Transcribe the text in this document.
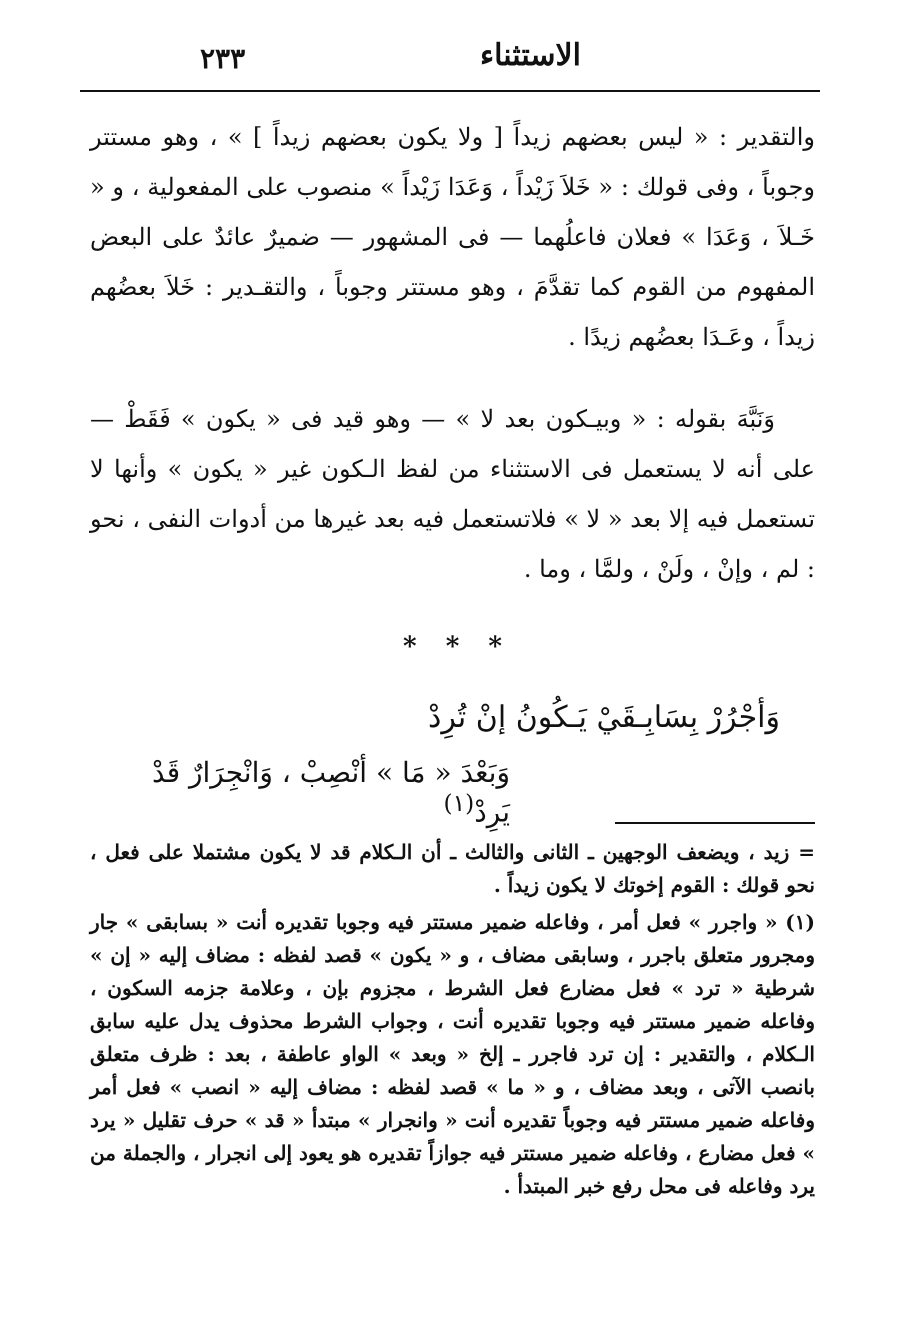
٢٣٣	الاستثناء

والتقدير : « ليس بعضهم زيداً [ ولا يكون بعضهم زيداً ] » ، وهو مستتر وجوباً ، وفى قولك : « خَلاَ زَيْداً ، وَعَدَا زَيْداً » منصوب على المفعولية ، و « خَـلاَ ، وَعَدَا » فعلان فاعلُهما — فى المشهور — ضميرٌ عائدٌ على البعض المفهوم من القوم كما تقدَّمَ ، وهو مستتر وجوباً ، والتقـدير : خَلاَ بعضُهم زيداً ، وعَـدَا بعضُهم زيدًا .

وَنَبَّهَ بقوله : « وبيـكون بعد لا » — وهو قيد فى « يكون » فَقَطْ — على أنه لا يستعمل فى الاستثناء من لفظ الـكون غير « يكون » وأنها لا تستعمل فيه إلا بعد « لا » فلاتستعمل فيه بعد غيرها من أدوات النفى ، نحو : لم ، وإنْ ، ولَنْ ، ولمَّا ، وما .

* * *
وَأجْرُرْ بِسَابِـقَيْ يَـكُونُ إنْ تُرِدْ
وَبَعْدَ « مَا » أنْصِبْ ، وَانْجِرَارٌ قَدْ يَرِدْ$^{(١)}$

= زيد ، ويضعف الوجهين ـ الثانى والثالث ـ أن الـكلام قد لا يكون مشتملا على فعل ، نحو قولك : القوم إخوتك لا يكون زيداً .

(١) « واجرر » فعل أمر ، وفاعله ضمير مستتر فيه وجوبا تقديره أنت « بسابقى » جار ومجرور متعلق باجرر ، وسابقى مضاف ، و « يكون » قصد لفظه : مضاف إليه « إن » شرطية « ترد » فعل مضارع فعل الشرط ، مجزوم بإن ، وعلامة جزمه السكون ، وفاعله ضمير مستتر فيه وجوبا تقديره أنت ، وجواب الشرط محذوف يدل عليه سابق الـكلام ، والتقدير : إن ترد فاجرر ـ إلخ « وبعد » الواو عاطفة ، بعد : ظرف متعلق بانصب الآتى ، وبعد مضاف ، و « ما » قصد لفظه : مضاف إليه « انصب » فعل أمر وفاعله ضمير مستتر فيه وجوباً تقديره أنت « وانجرار » مبتدأ « قد » حرف تقليل « يرد » فعل مضارع ، وفاعله ضمير مستتر فيه جوازاً تقديره هو يعود إلى انجرار ، والجملة من يرد وفاعله فى محل رفع خبر المبتدأ .
